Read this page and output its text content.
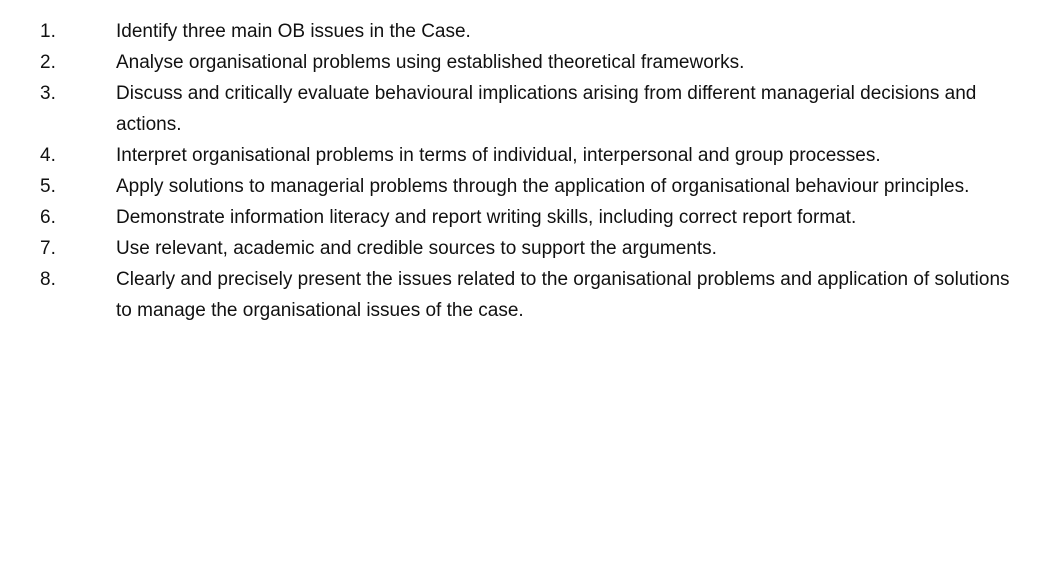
1.	Identify three main OB issues in the Case.
2.	Analyse organisational problems using established theoretical frameworks.
3.	Discuss and critically evaluate behavioural implications arising from different managerial decisions and actions.
4.	Interpret organisational problems in terms of individual, interpersonal and group processes.
5.	Apply solutions to managerial problems through the application of organisational behaviour principles.
6.	Demonstrate information literacy and report writing skills, including correct report format.
7.	Use relevant, academic and credible sources to support the arguments.
8.	Clearly and precisely present the issues related to the organisational problems and application of solutions to manage the organisational issues of the case.
